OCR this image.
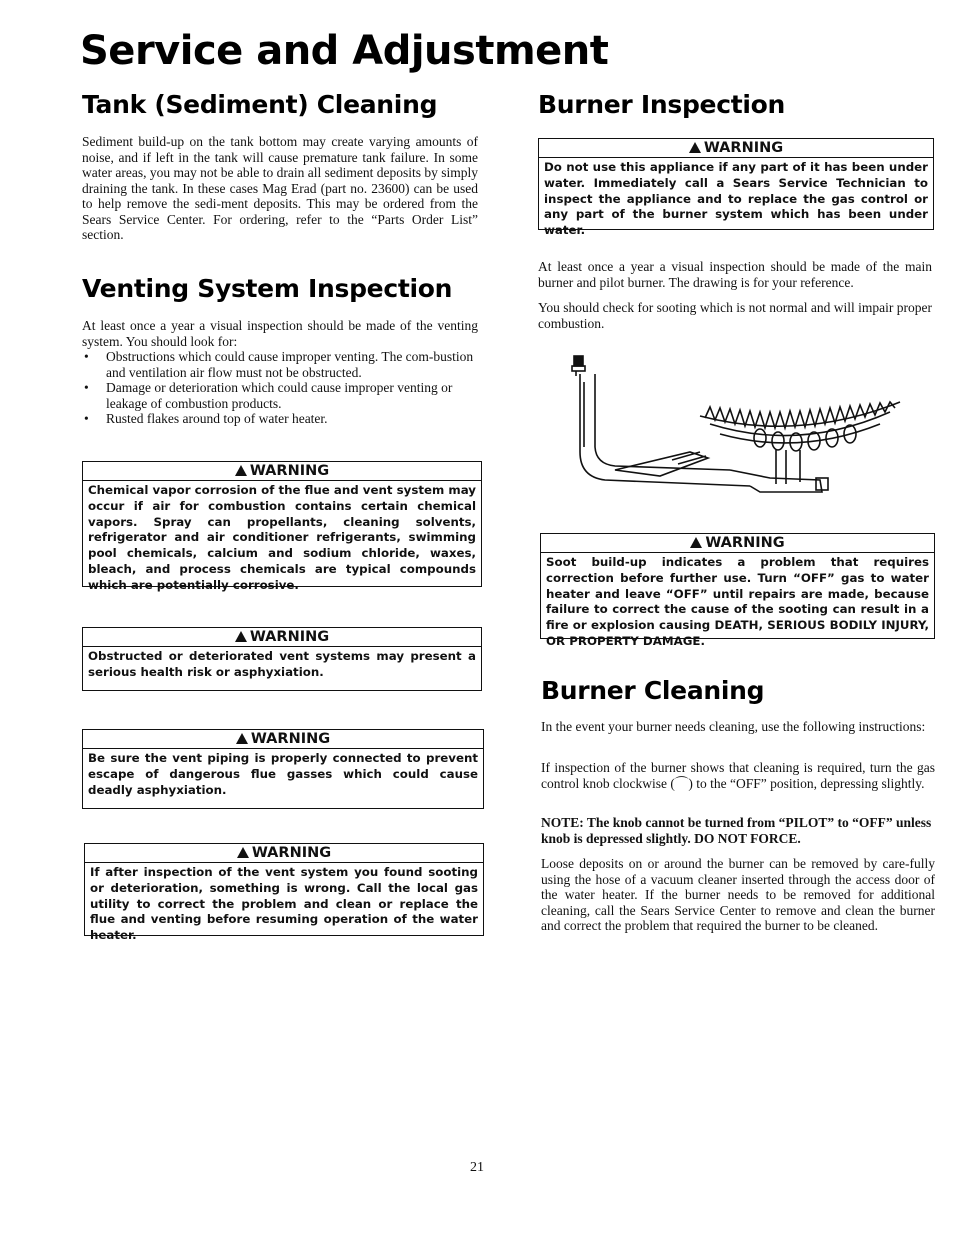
Service and Adjustment
Tank (Sediment) Cleaning

Sediment build-up on the tank bottom may create varying amounts of noise, and if left in the tank will cause premature tank failure. In some water areas, you may not be able to drain all sediment deposits by simply draining the tank. In these cases Mag Erad (part no. 23600) can be used to help remove the sedi-ment deposits. This may be ordered from the Sears Service Center. For ordering, refer to the “Parts Order List” section.

Venting System Inspection

At least once a year a visual inspection should be made of the venting system. You should look for:

• Obstructions which could cause improper venting. The com-bustion and ventilation air flow must not be obstructed.
• Damage or deterioration which could cause improper venting or leakage of combustion products.
• Rusted flakes around top of water heater.
WARNING
Chemical vapor corrosion of the flue and vent system may occur if air for combustion contains certain chemical vapors. Spray can propellants, cleaning solvents, refrigerator and air conditioner refrigerants, swimming pool chemicals, calcium and sodium chloride, waxes, bleach, and process chemicals are typical compounds which are potentially corrosive.
WARNING
Obstructed or deteriorated vent systems may present a serious health risk or asphyxiation.
WARNING
Be sure the vent piping is properly connected to prevent escape of dangerous flue gasses which could cause deadly asphyxiation.
WARNING
If after inspection of the vent system you found sooting or deterioration, something is wrong. Call the local gas utility to correct the problem and clean or replace the flue and venting before resuming operation of the water heater.
Burner Inspection
WARNING
Do not use this appliance if any part of it has been under water. Immediately call a Sears Service Technician to inspect the appliance and to replace the gas control or any part of the burner system which has been under water.

At least once a year a visual inspection should be made of the main burner and pilot burner. The drawing is for your reference.

You should check for sooting which is not normal and will impair proper combustion.

WARNING
Soot build-up indicates a problem that requires correction before further use. Turn “OFF” gas to water heater and leave “OFF” until repairs are made, because failure to correct the cause of the sooting can result in a fire or explosion causing DEATH, SERIOUS BODILY INJURY, OR PROPERTY DAMAGE.
Burner Cleaning

In the event your burner needs cleaning, use the following instructions:

If inspection of the burner shows that cleaning is required, turn the gas control knob clockwise (⌒) to the “OFF” position, depressing slightly.

NOTE: The knob cannot be turned from “PILOT” to “OFF” unless knob is depressed slightly. DO NOT FORCE.

Loose deposits on or around the burner can be removed by care-fully using the hose of a vacuum cleaner inserted through the access door of the water heater. If the burner needs to be removed for additional cleaning, call the Sears Service Center to remove and clean the burner and correct the problem that required the burner to be cleaned.

21
